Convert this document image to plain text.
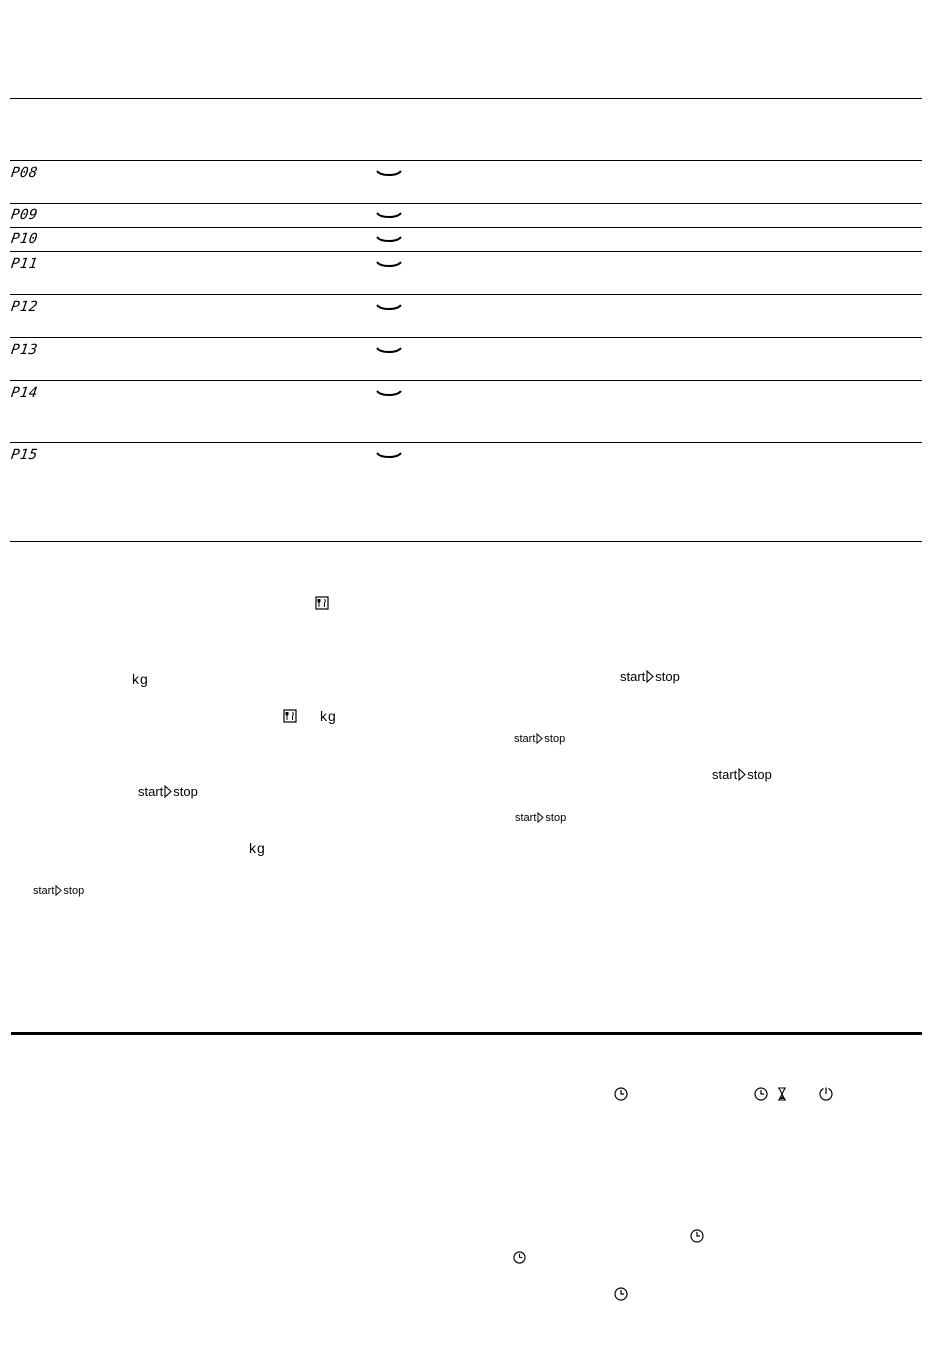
P08
P09
P10
P11
P12
P13
P14
P15
kg
kg
kg
start stop
start stop
start stop
start stop
start stop
start stop
